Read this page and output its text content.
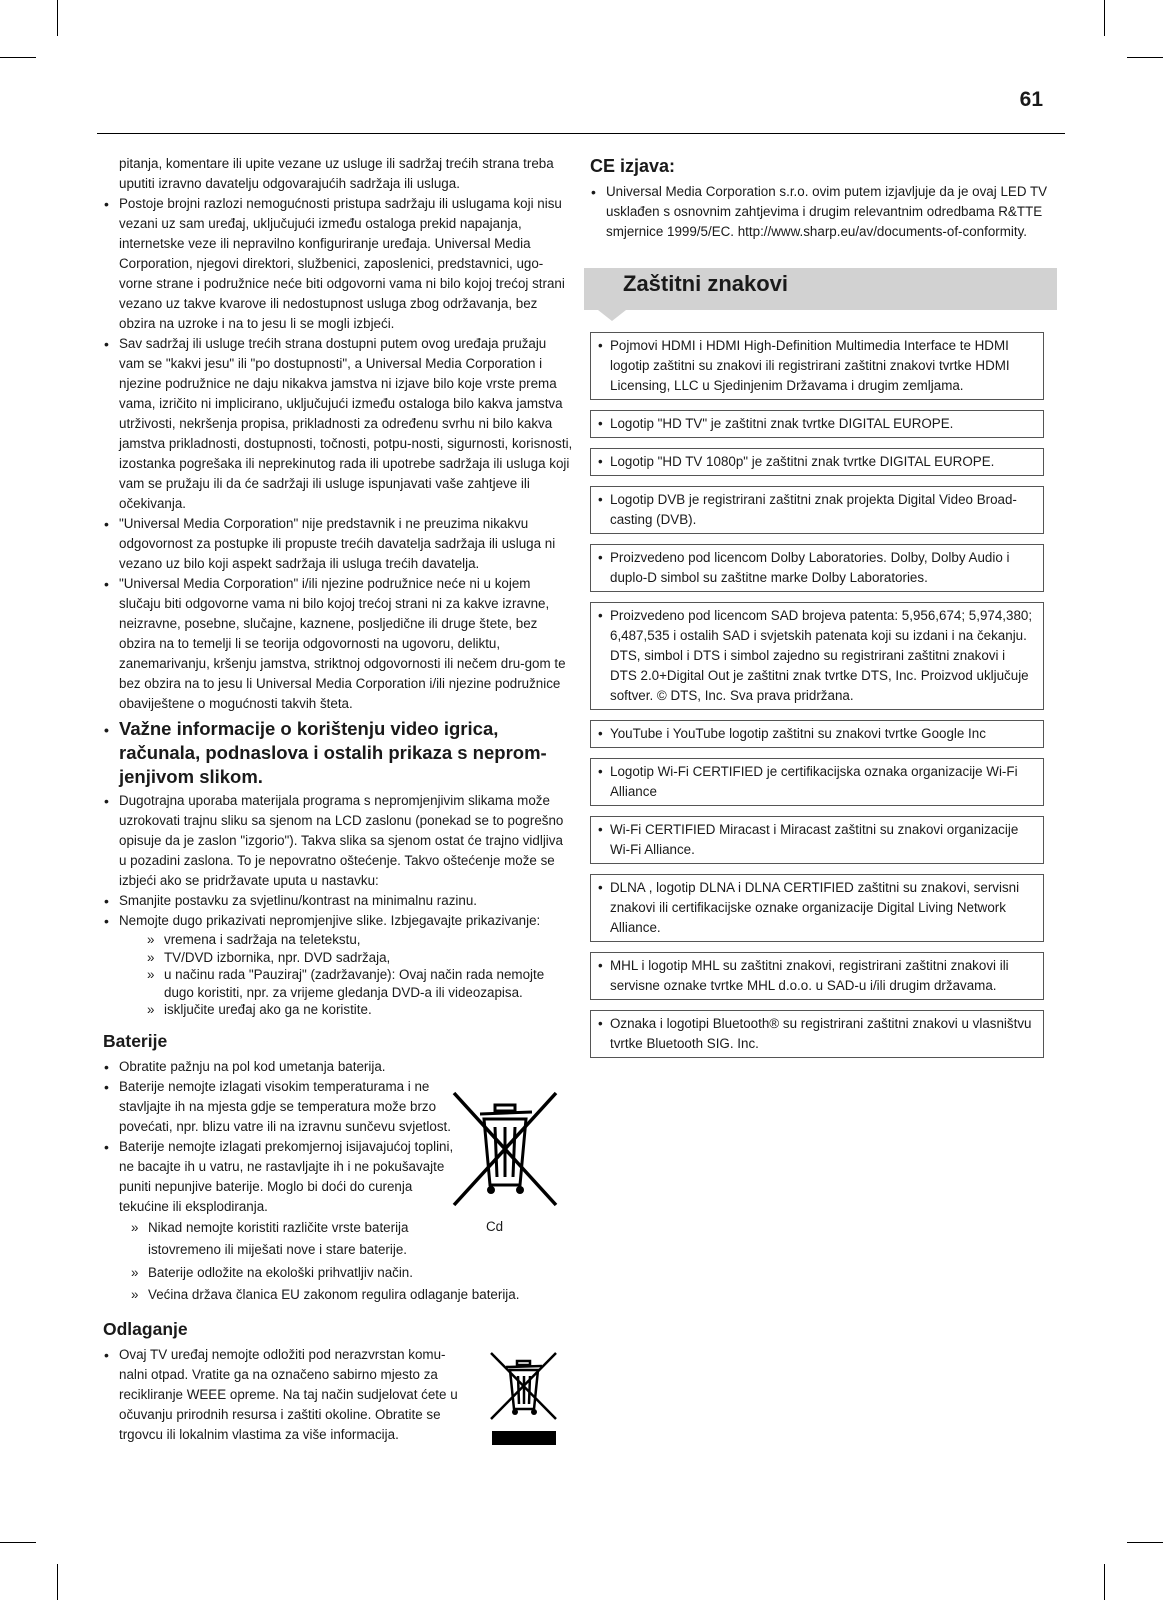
61
pitanja, komentare ili upite vezane uz usluge ili sadržaj trećih strana treba uputiti izravno davatelju odgovarajućih sadržaja ili usluga.
• Postoje brojni razlozi nemogućnosti pristupa sadržaju ili uslugama koji nisu vezani uz sam uređaj, uključujući između ostaloga prekid napajanja, internetske veze ili nepravilno konfiguriranje uređaja. Universal Media Corporation, njegovi direktori, službenici, zaposlenici, predstavnici, ugo-vorne strane i podružnice neće biti odgovorni vama ni bilo kojoj trećoj strani vezano uz takve kvarove ili nedostupnost usluga zbog održavanja, bez obzira na uzroke i na to jesu li se mogli izbjeći.
• Sav sadržaj ili usluge trećih strana dostupni putem ovog uređaja pružaju vam se "kakvi jesu" ili "po dostupnosti", a Universal Media Corporation i njezine podružnice ne daju nikakva jamstva ni izjave bilo koje vrste prema vama, izričito ni implicirano, uključujući između ostaloga bilo kakva jamstva utrživosti, nekršenja propisa, prikladnosti za određenu svrhu ni bilo kakva jamstva prikladnosti, dostupnosti, točnosti, potpu-nosti, sigurnosti, korisnosti, izostanka pogrešaka ili neprekinutog rada ili upotrebe sadržaja ili usluga koji vam se pružaju ili da će sadržaji ili usluge ispunjavati vaše zahtjeve ili očekivanja.
• "Universal Media Corporation" nije predstavnik i ne preuzima nikakvu odgovornost za postupke ili propuste trećih davatelja sadržaja ili usluga ni vezano uz bilo koji aspekt sadržaja ili usluga trećih davatelja.
• "Universal Media Corporation" i/ili njezine podružnice neće ni u kojem slučaju biti odgovorne vama ni bilo kojoj trećoj strani ni za kakve izravne, neizravne, posebne, slučajne, kaznene, posljedične ili druge štete, bez obzira na to temelji li se teorija odgovornosti na ugovoru, deliktu, zanemarivanju, kršenju jamstva, striktnoj odgovornosti ili nečem dru-gom te bez obzira na to jesu li Universal Media Corporation i/ili njezine podružnice obaviještene o mogućnosti takvih šteta.
• Važne informacije o korištenju video igrica, računala, podnaslova i ostalih prikaza s neprom-jenjivom slikom.
• Dugotrajna uporaba materijala programa s nepromjenjivim slikama može uzrokovati trajnu sliku sa sjenom na LCD zaslonu (ponekad se to pogrešno opisuje da je zaslon "izgorio"). Takva slika sa sjenom ostat će trajno vidljiva u pozadini zaslona. To je nepovratno oštećenje. Takvo oštećenje može se izbjeći ako se pridržavate uputa u nastavku:
• Smanjite postavku za svjetlinu/kontrast na minimalnu razinu.
• Nemojte dugo prikazivati nepromjenjive slike. Izbjegavajte prikazivanje:
» vremena i sadržaja na teletekstu,
» TV/DVD izbornika, npr. DVD sadržaja,
» u načinu rada "Pauziraj" (zadržavanje): Ovaj način rada nemojte dugo koristiti, npr. za vrijeme gledanja DVD-a ili videozapisa.
» isključite uređaj ako ga ne koristite.
Baterije
• Obratite pažnju na pol kod umetanja baterija.
• Baterije nemojte izlagati visokim temperaturama i ne stavljajte ih na mjesta gdje se temperatura može brzo povećati, npr. blizu vatre ili na izravnu sunčevu svjetlost.
• Baterije nemojte izlagati prekomjernoj isijavajućoj toplini, ne bacajte ih u vatru, ne rastavljajte ih i ne pokušavajte puniti nepunjive baterije. Moglo bi doći do curenja tekućine ili eksplodiranja.
» Nikad nemojte koristiti različite vrste baterija istovremeno ili miješati nove i stare baterije.
» Baterije odložite na ekološki prihvatljiv način.
» Većina država članica EU zakonom regulira odlaganje baterija.
Cd
Odlaganje
• Ovaj TV uređaj nemojte odložiti pod nerazvrstan komu-nalni otpad. Vratite ga na označeno sabirno mjesto za recikliranje WEEE opreme. Na taj način sudjelovat ćete u očuvanju prirodnih resursa i zaštiti okoline. Obratite se trgovcu ili lokalnim vlastima za više informacija.
CE izjava:
• Universal Media Corporation s.r.o. ovim putem izjavljuje da je ovaj LED TV usklađen s osnovnim zahtjevima i drugim relevantnim odredbama R&TTE smjernice 1999/5/EC. http://www.sharp.eu/av/documents-of-conformity.
Zaštitni znakovi
• Pojmovi HDMI i HDMI High-Definition Multimedia Interface te HDMI logotip zaštitni su znakovi ili registrirani zaštitni znakovi tvrtke HDMI Licensing, LLC u Sjedinjenim Državama i drugim zemljama.
• Logotip "HD TV" je zaštitni znak tvrtke DIGITAL EUROPE.
• Logotip "HD TV 1080p" je zaštitni znak tvrtke DIGITAL EUROPE.
• Logotip DVB je registrirani zaštitni znak projekta Digital Video Broad-casting (DVB).
• Proizvedeno pod licencom Dolby Laboratories. Dolby, Dolby Audio i duplo-D simbol su zaštitne marke Dolby Laboratories.
• Proizvedeno pod licencom SAD brojeva patenta: 5,956,674; 5,974,380; 6,487,535 i ostalih SAD i svjetskih patenata koji su izdani i na čekanju. DTS, simbol i DTS i simbol zajedno su registrirani zaštitni znakovi i DTS 2.0+Digital Out je zaštitni znak tvrtke DTS, Inc. Proizvod uključuje softver. © DTS, Inc. Sva prava pridržana.
• YouTube i YouTube logotip zaštitni su znakovi tvrtke Google Inc
• Logotip Wi-Fi CERTIFIED je certifikacijska oznaka organizacije Wi-Fi Alliance
• Wi-Fi CERTIFIED Miracast i Miracast zaštitni su znakovi organizacije Wi-Fi Alliance.
• DLNA , logotip DLNA i DLNA CERTIFIED zaštitni su znakovi, servisni znakovi ili certifikacijske oznake organizacije Digital Living Network Alliance.
• MHL i logotip MHL su zaštitni znakovi, registrirani zaštitni znakovi ili servisne oznake tvrtke MHL d.o.o. u SAD-u i/ili drugim državama.
• Oznaka i logotipi Bluetooth® su registrirani zaštitni znakovi u vlasništvu tvrtke Bluetooth SIG. Inc.
